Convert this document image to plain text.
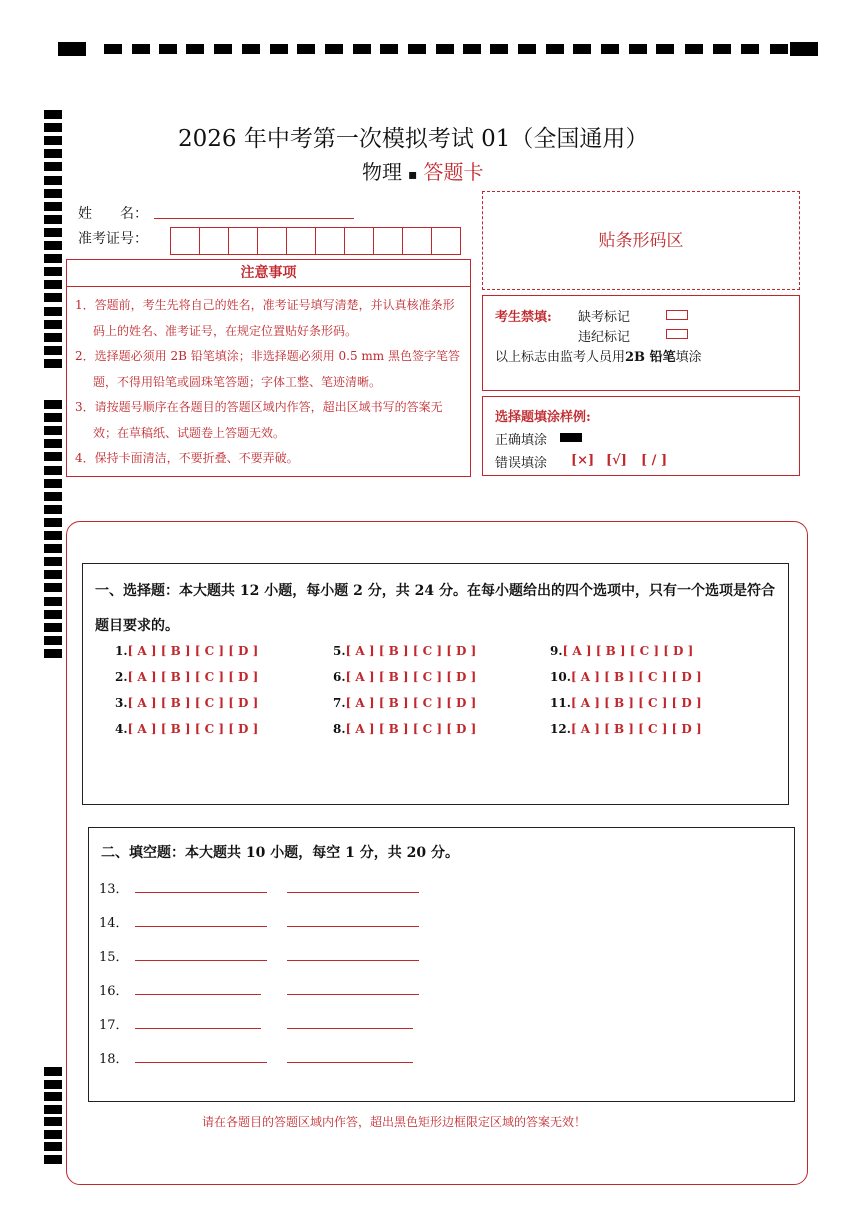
2026 年中考第一次模拟考试 01（全国通用）
物理 ▪ 答题卡
姓　　名：
准考证号：	贴条形码区
注意事项
1．答题前，考生先将自己的姓名，准考证号填写清楚，并认真核准条形码上的姓名、准考证号，在规定位置贴好条形码。
2．选择题必须用 2B 铅笔填涂；非选择题必须用 0.5 mm 黑色签字笔答题，不得用铅笔或圆珠笔答题；字体工整、笔迹清晰。
3．请按题号顺序在各题目的答题区域内作答，超出区域书写的答案无效；在草稿纸、试题卷上答题无效。
4．保持卡面清洁，不要折叠、不要弄破。
考生禁填: 缺考标记
违纪标记
以上标志由监考人员用2B 铅笔填涂
选择题填涂样例:
正确填涂
错误填涂 [×] [√] [ / ]
一、选择题：本大题共 12 小题，每小题 2 分，共 24 分。在每小题给出的四个选项中，只有一个选项是符合题目要求的。
1.[ A ] [ B ] [ C ] [ D ]
2.[ A ] [ B ] [ C ] [ D ]
3.[ A ] [ B ] [ C ] [ D ]
4.[ A ] [ B ] [ C ] [ D ]
5.[ A ] [ B ] [ C ] [ D ]
6.[ A ] [ B ] [ C ] [ D ]
7.[ A ] [ B ] [ C ] [ D ]
8.[ A ] [ B ] [ C ] [ D ]
9.[ A ] [ B ] [ C ] [ D ]
10.[ A ] [ B ] [ C ] [ D ]
11.[ A ] [ B ] [ C ] [ D ]
12.[ A ] [ B ] [ C ] [ D ]
二、填空题：本大题共 10 小题，每空 1 分，共 20 分。
13．
14．
15．
16．
17．
18．
请在各题目的答题区域内作答，超出黑色矩形边框限定区域的答案无效！
